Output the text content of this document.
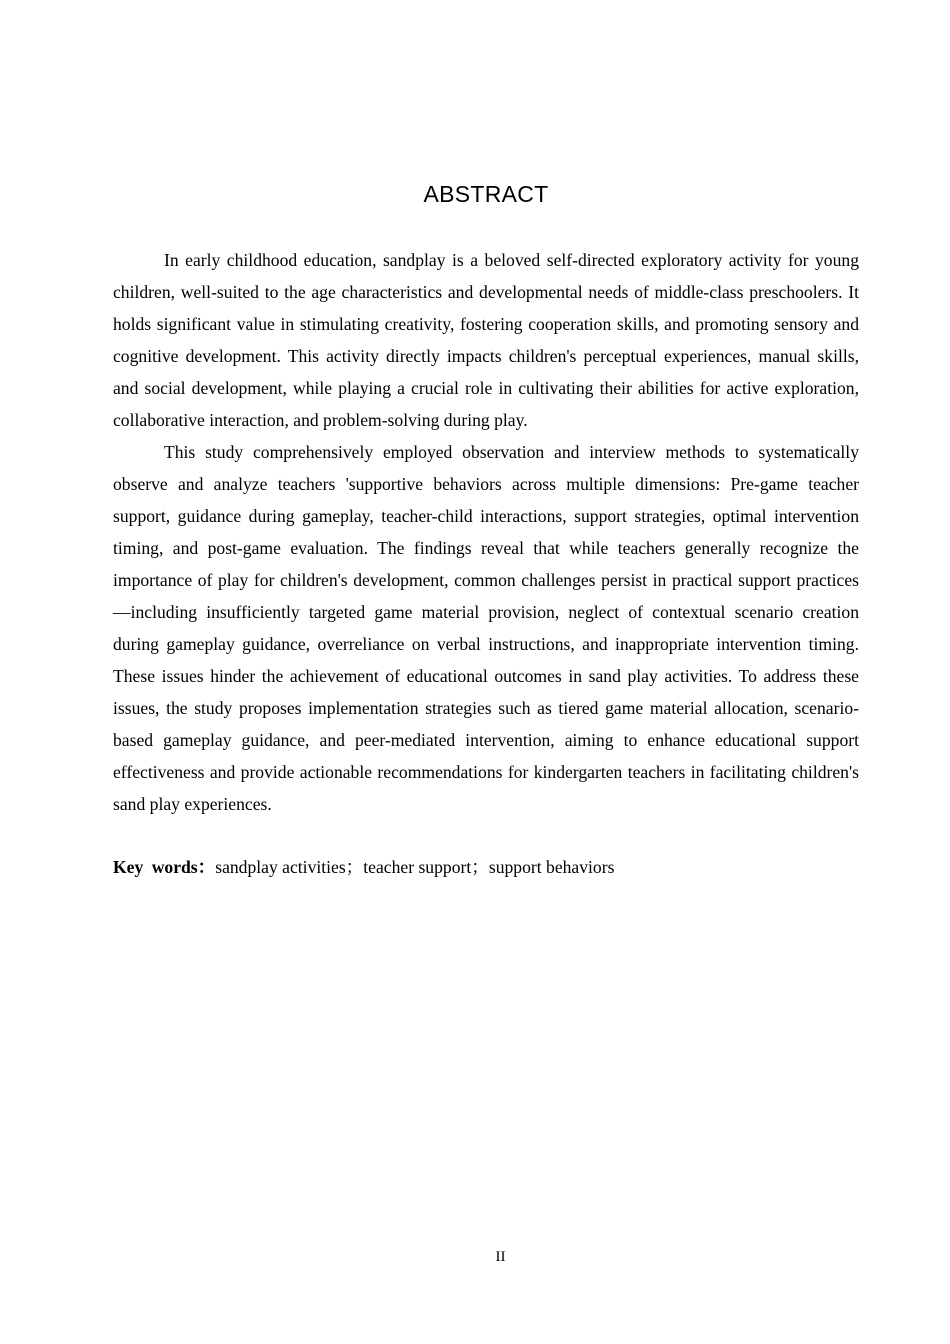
ABSTRACT

In early childhood education, sandplay is a beloved self-directed exploratory activity for young children, well-suited to the age characteristics and developmental needs of middle-class preschoolers. It holds significant value in stimulating creativity, fostering cooperation skills, and promoting sensory and cognitive development. This activity directly impacts children's perceptual experiences, manual skills, and social development, while playing a crucial role in cultivating their abilities for active exploration, collaborative interaction, and problem-solving during play.

This study comprehensively employed observation and interview methods to systematically observe and analyze teachers 'supportive behaviors across multiple dimensions: Pre-game teacher support, guidance during gameplay, teacher-child interactions, support strategies, optimal intervention timing, and post-game evaluation. The findings reveal that while teachers generally recognize the importance of play for children's development, common challenges persist in practical support practices—including insufficiently targeted game material provision, neglect of contextual scenario creation during gameplay guidance, overreliance on verbal instructions, and inappropriate intervention timing. These issues hinder the achievement of educational outcomes in sand play activities. To address these issues, the study proposes implementation strategies such as tiered game material allocation, scenario-based gameplay guidance, and peer-mediated intervention, aiming to enhance educational support effectiveness and provide actionable recommendations for kindergarten teachers in facilitating children's sand play experiences.

Key words：sandplay activities；teacher support；support behaviors
II
